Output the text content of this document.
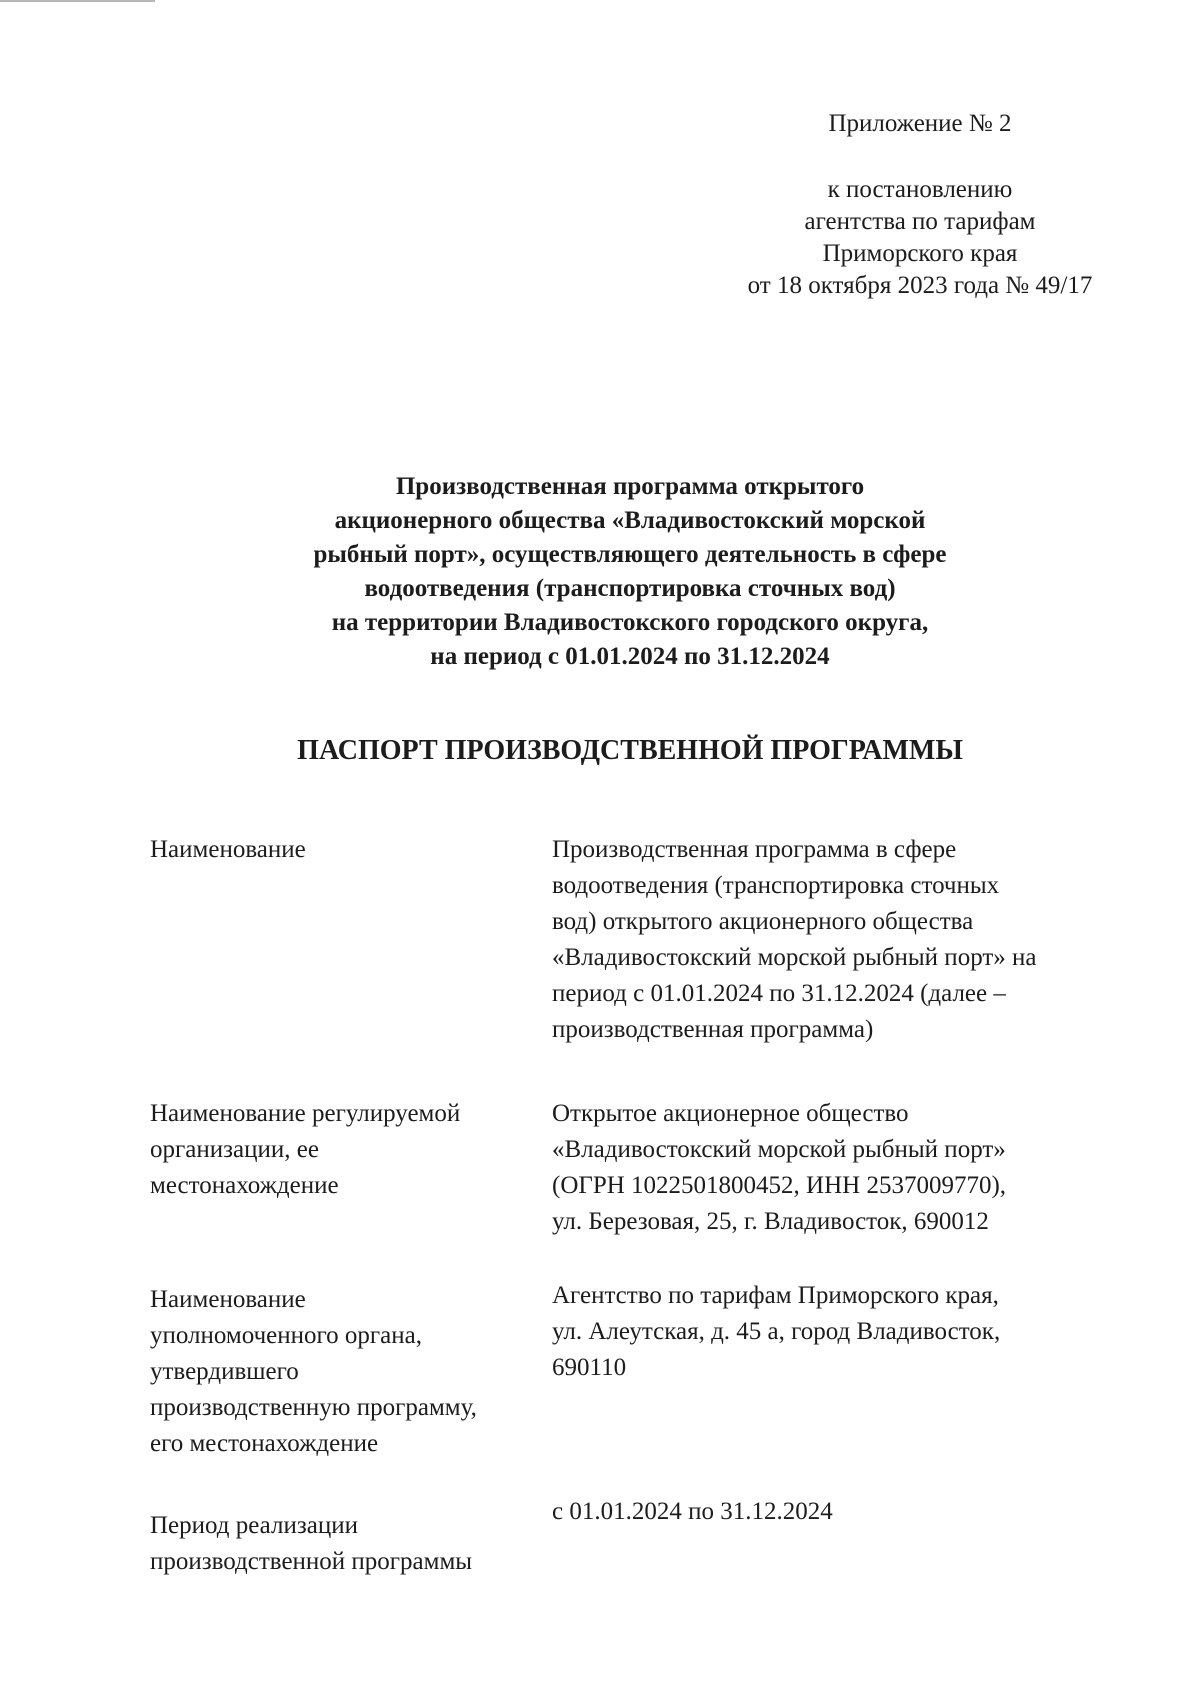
Приложение № 2
к постановлению
агентства по тарифам
Приморского края
от 18 октября 2023 года № 49/17
Производственная программа открытого
акционерного общества «Владивостокский морской
рыбный порт», осуществляющего деятельность в сфере
водоотведения (транспортировка сточных вод)
на территории Владивостокского городского округа,
на период с 01.01.2024 по 31.12.2024
ПАСПОРТ ПРОИЗВОДСТВЕННОЙ ПРОГРАММЫ
Наименование	Производственная программа в сфере
водоотведения (транспортировка сточных
вод) открытого акционерного общества
«Владивостокский морской рыбный порт» на
период с 01.01.2024 по 31.12.2024 (далее –
производственная программа)
Наименование регулируемой
организации, ее
местонахождение
Открытое акционерное общество
«Владивостокский морской рыбный порт»
(ОГРН 1022501800452, ИНН 2537009770),
ул. Березовая, 25, г. Владивосток, 690012
Наименование
уполномоченного органа,
утвердившего
производственную программу,
его местонахождение
Агентство по тарифам Приморского края,
ул. Алеутская, д. 45 а, город Владивосток,
690110
Период реализации
производственной программы
с 01.01.2024 по 31.12.2024
